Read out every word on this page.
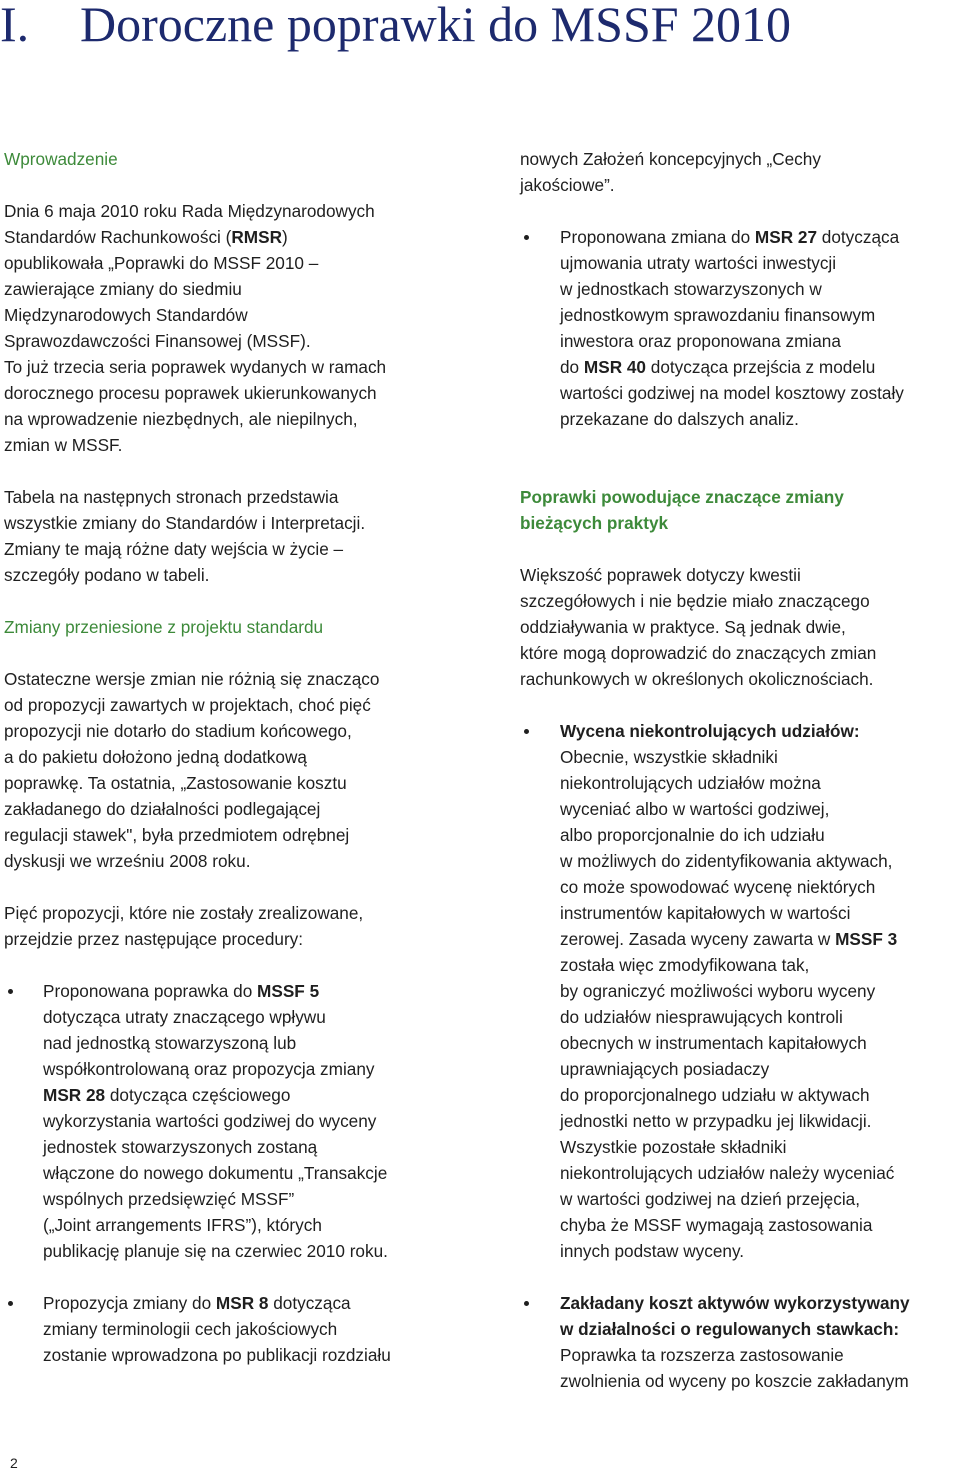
I. Doroczne poprawki do MSSF 2010

Wprowadzenie

Dnia 6 maja 2010 roku Rada Międzynarodowych
Standardów Rachunkowości (RMSR)
opublikowała „Poprawki do MSSF 2010 –
zawierające zmiany do siedmiu
Międzynarodowych Standardów
Sprawozdawczości Finansowej (MSSF).
To już trzecia seria poprawek wydanych w ramach
dorocznego procesu poprawek ukierunkowanych
na wprowadzenie niezbędnych, ale niepilnych,
zmian w MSSF.

Tabela na następnych stronach przedstawia
wszystkie zmiany do Standardów i Interpretacji.
Zmiany te mają różne daty wejścia w życie –
szczegóły podano w tabeli.

Zmiany przeniesione z projektu standardu

Ostateczne wersje zmian nie różnią się znacząco
od propozycji zawartych w projektach, choć pięć
propozycji nie dotarło do stadium końcowego,
a do pakietu dołożono jedną dodatkową
poprawkę. Ta ostatnia, „Zastosowanie kosztu
zakładanego do działalności podlegającej
regulacji stawek", była przedmiotem odrębnej
dyskusji we wrześniu 2008 roku.

Pięć propozycji, które nie zostały zrealizowane,
przejdzie przez następujące procedury:

Proponowana poprawka do MSSF 5
dotycząca utraty znaczącego wpływu
nad jednostką stowarzyszoną lub
współkontrolowaną oraz propozycja zmiany
MSR 28 dotycząca częściowego
wykorzystania wartości godziwej do wyceny
jednostek stowarzyszonych zostaną
włączone do nowego dokumentu „Transakcje
wspólnych przedsięwzięć MSSF”
(„Joint arrangements IFRS”), których
publikację planuje się na czerwiec 2010 roku.
Propozycja zmiany do MSR 8 dotycząca
zmiany terminologii cech jakościowych
zostanie wprowadzona po publikacji rozdziału

nowych Założeń koncepcyjnych „Cechy
jakościowe”.

Proponowana zmiana do MSR 27 dotycząca
ujmowania utraty wartości inwestycji
w jednostkach stowarzyszonych w
jednostkowym sprawozdaniu finansowym
inwestora oraz proponowana zmiana
do MSR 40 dotycząca przejścia z modelu
wartości godziwej na model kosztowy zostały
przekazane do dalszych analiz.

Poprawki powodujące znaczące zmiany
bieżących praktyk

Większość poprawek dotyczy kwestii
szczegółowych i nie będzie miało znaczącego
oddziaływania w praktyce. Są jednak dwie,
które mogą doprowadzić do znaczących zmian
rachunkowych w określonych okolicznościach.

Wycena niekontrolujących udziałów:
Obecnie, wszystkie składniki
niekontrolujących udziałów można
wyceniać albo w wartości godziwej,
albo proporcjonalnie do ich udziału
w możliwych do zidentyfikowania aktywach,
co może spowodować wycenę niektórych
instrumentów kapitałowych w wartości
zerowej. Zasada wyceny zawarta w MSSF 3
została więc zmodyfikowana tak,
by ograniczyć możliwości wyboru wyceny
do udziałów niesprawujących kontroli
obecnych w instrumentach kapitałowych
uprawniających posiadaczy
do proporcjonalnego udziału w aktywach
jednostki netto w przypadku jej likwidacji.
Wszystkie pozostałe składniki
niekontrolujących udziałów należy wyceniać
w wartości godziwej na dzień przejęcia,
chyba że MSSF wymagają zastosowania
innych podstaw wyceny.
Zakładany koszt aktywów wykorzystywany
w działalności o regulowanych stawkach:
Poprawka ta rozszerza zastosowanie
zwolnienia od wyceny po koszcie zakładanym
2
